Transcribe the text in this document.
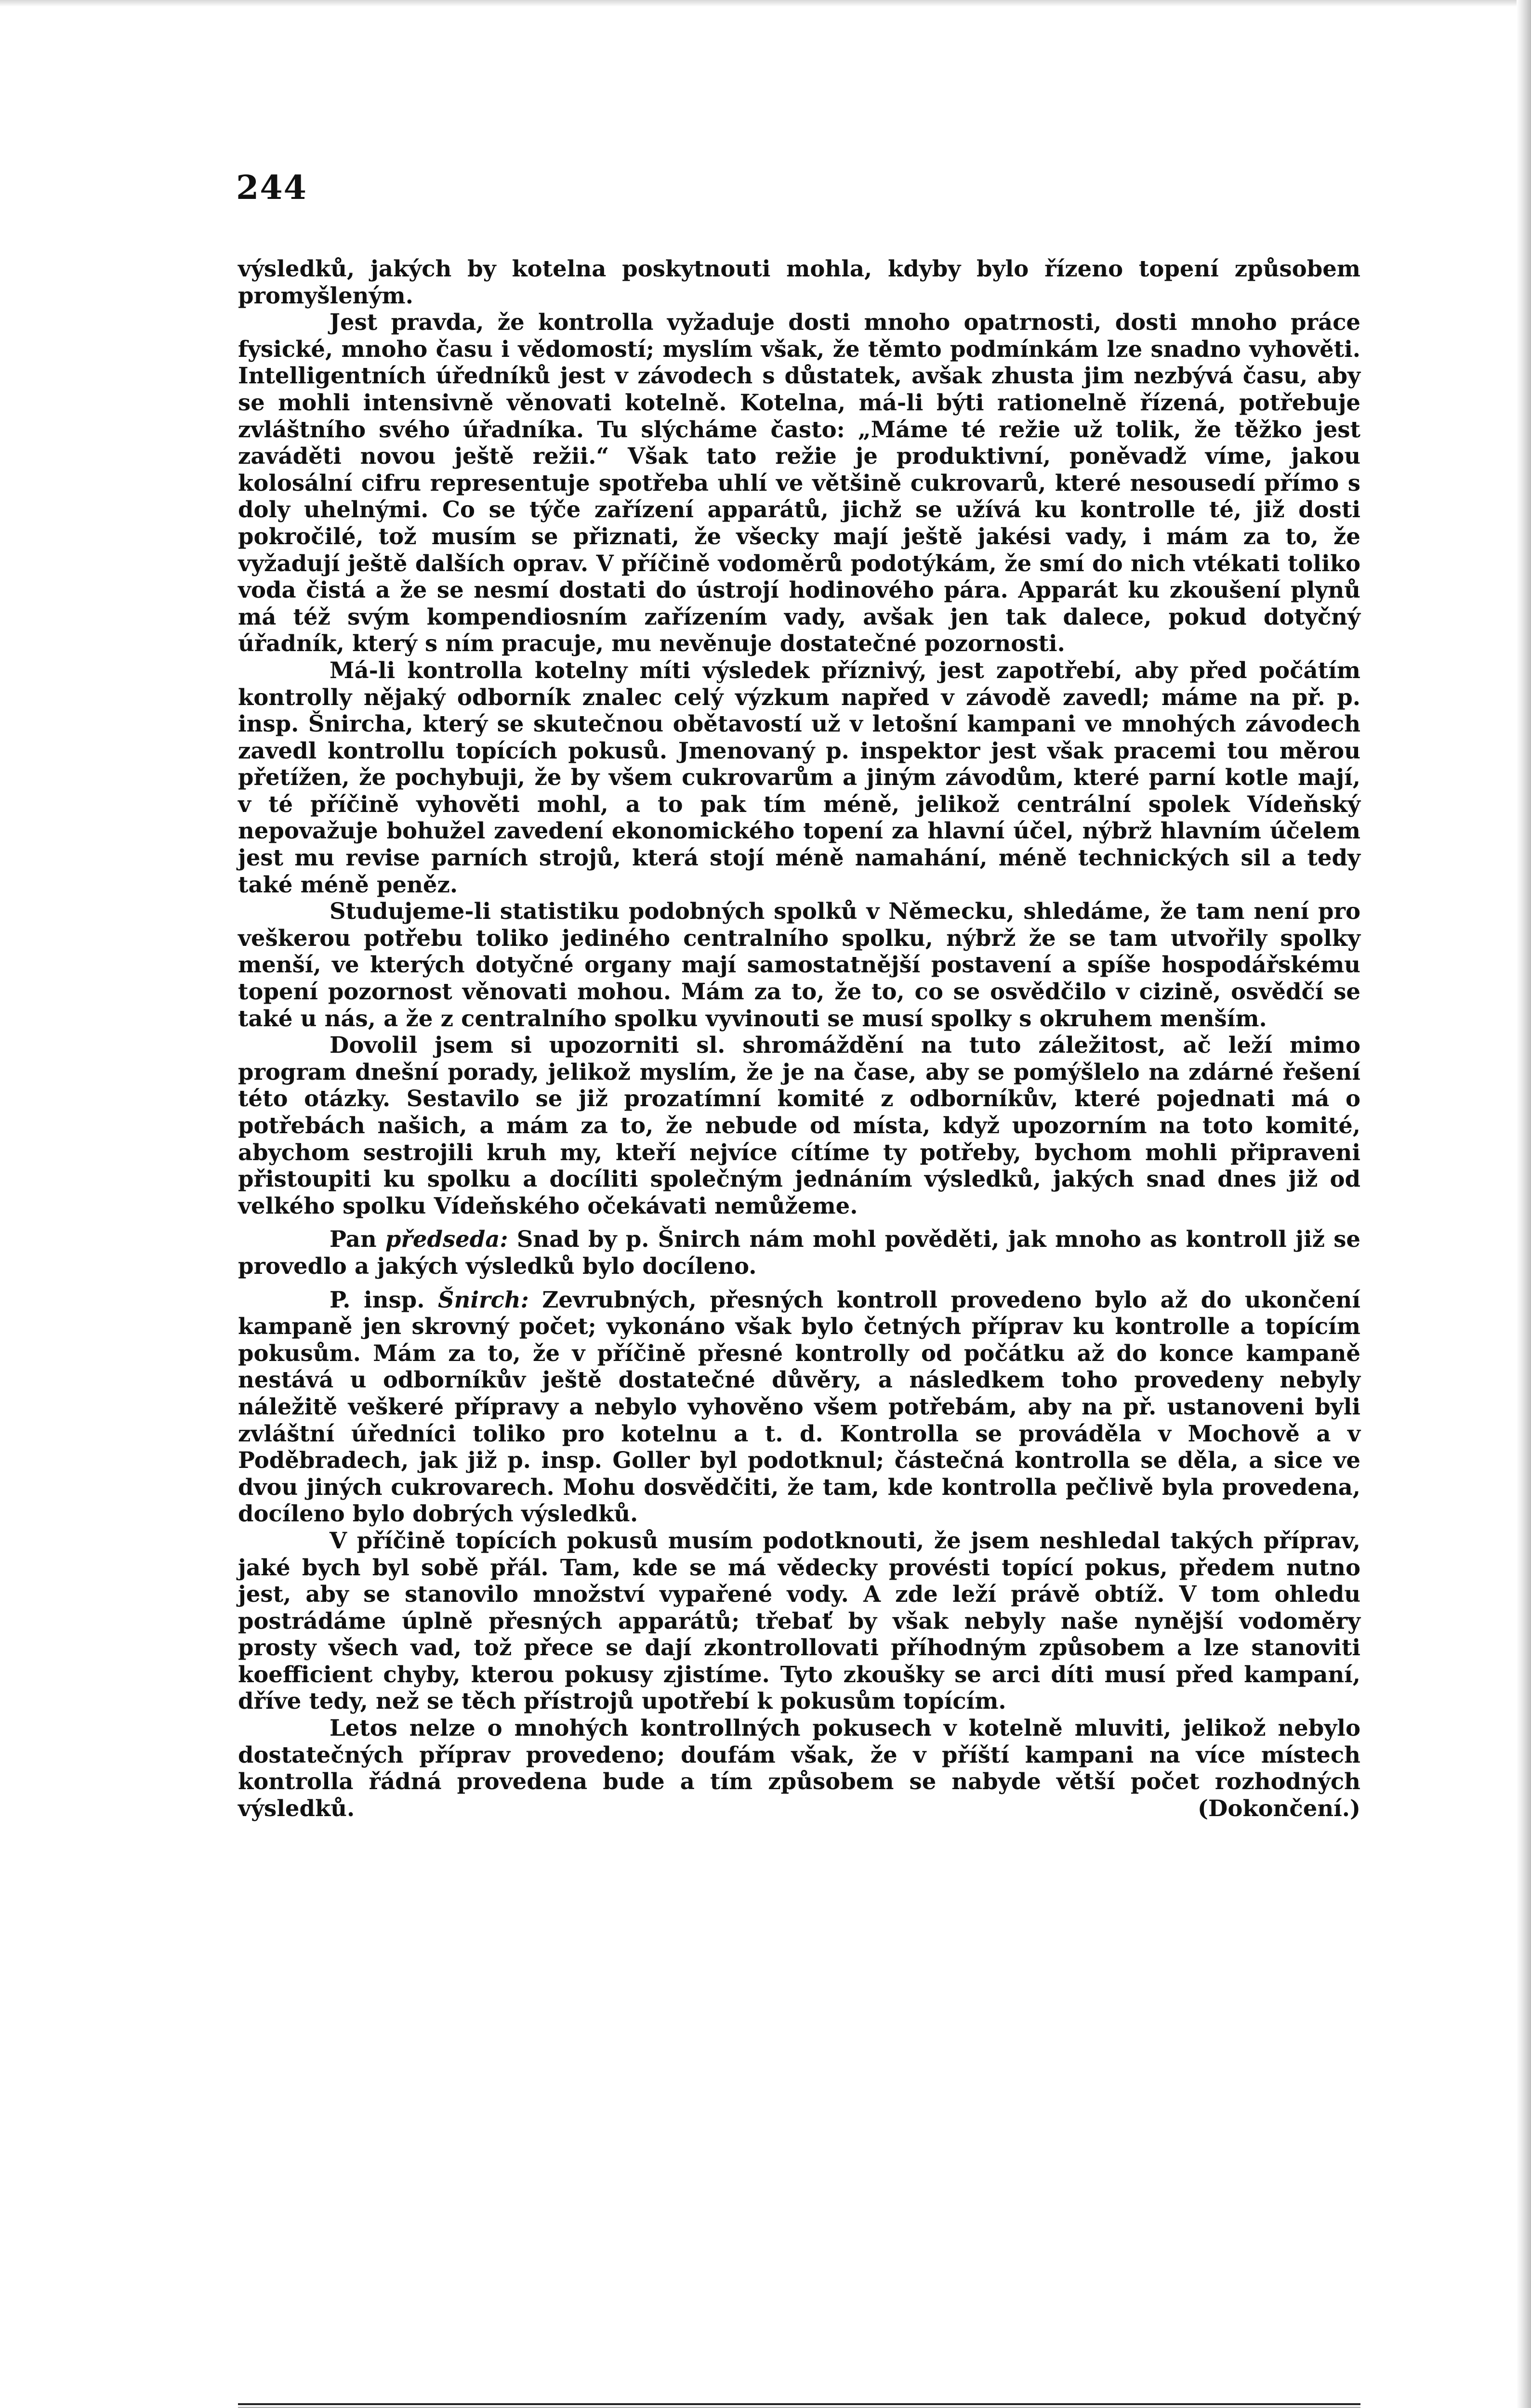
244

výsledků, jakých by kotelna poskytnouti mohla, kdyby bylo řízeno topení způsobem promyšleným.

Jest pravda, že kontrolla vyžaduje dosti mnoho opatrnosti, dosti mnoho práce fysické, mnoho času i vědomostí; myslím však, že těmto podmínkám lze snadno vyhověti. Intelligentních úředníků jest v závodech s důstatek, avšak zhusta jim nezbývá času, aby se mohli intensivně věnovati kotelně. Kotelna, má-li býti rationelně řízená, potřebuje zvláštního svého úřadníka. Tu slýcháme často: „Máme té režie už tolik, že těžko jest zaváděti novou ještě režii.“ Však tato režie je produktivní, poněvadž víme, jakou kolosální cifru representuje spotřeba uhlí ve většině cukrovarů, které nesousedí přímo s doly uhelnými. Co se týče zařízení apparátů, jichž se užívá ku kontrolle té, již dosti pokročilé, tož musím se přiznati, že všecky mají ještě jakési vady, i mám za to, že vyžadují ještě dalších oprav. V příčině vodoměrů podotýkám, že smí do nich vtékati toliko voda čistá a že se nesmí dostati do ústrojí hodinového pára. Apparát ku zkoušení plynů má též svým kompendiosním zařízením vady, avšak jen tak dalece, pokud dotyčný úřadník, který s ním pracuje, mu nevěnuje dostatečné pozornosti.

Má-li kontrolla kotelny míti výsledek příznivý, jest zapotřebí, aby před počátím kontrolly nějaký odborník znalec celý výzkum napřed v závodě zavedl; máme na př. p. insp. Šnircha, který se skutečnou obětavostí už v letošní kampani ve mnohých závodech zavedl kontrollu topících pokusů. Jmenovaný p. inspektor jest však pracemi tou měrou přetížen, že pochybuji, že by všem cukrovarům a jiným závodům, které parní kotle mají, v té příčině vyhověti mohl, a to pak tím méně, jelikož centrální spolek Vídeňský nepovažuje bohužel zavedení ekonomického topení za hlavní účel, nýbrž hlavním účelem jest mu revise parních strojů, která stojí méně namahání, méně technických sil a tedy také méně peněz.

Studujeme-li statistiku podobných spolků v Německu, shledáme, že tam není pro veškerou potřebu toliko jediného centralního spolku, nýbrž že se tam utvořily spolky menší, ve kterých dotyčné organy mají samostatnější postavení a spíše hospodářskému topení pozornost věnovati mohou. Mám za to, že to, co se osvědčilo v cizině, osvědčí se také u nás, a že z centralního spolku vyvinouti se musí spolky s okruhem menším.

Dovolil jsem si upozorniti sl. shromáždění na tuto záležitost, ač leží mimo program dnešní porady, jelikož myslím, že je na čase, aby se pomýšlelo na zdárné řešení této otázky. Sestavilo se již prozatímní komité z odborníkův, které pojednati má o potřebách našich, a mám za to, že nebude od místa, když upozorním na toto komité, abychom sestrojili kruh my, kteří nejvíce cítíme ty potřeby, bychom mohli připraveni přistoupiti ku spolku a docíliti společným jednáním výsledků, jakých snad dnes již od velkého spolku Vídeňského očekávati nemůžeme.

Pan předseda: Snad by p. Šnirch nám mohl pověděti, jak mnoho as kontroll již se provedlo a jakých výsledků bylo docíleno.

P. insp. Šnirch: Zevrubných, přesných kontroll provedeno bylo až do ukončení kampaně jen skrovný počet; vykonáno však bylo četných příprav ku kontrolle a topícím pokusům. Mám za to, že v příčině přesné kontrolly od počátku až do konce kampaně nestává u odborníkův ještě dostatečné důvěry, a následkem toho provedeny nebyly náležitě veškeré přípravy a nebylo vyhověno všem potřebám, aby na př. ustanoveni byli zvláštní úředníci toliko pro kotelnu a t. d. Kontrolla se prováděla v Mochově a v Poděbradech, jak již p. insp. Goller byl podotknul; částečná kontrolla se děla, a sice ve dvou jiných cukrovarech. Mohu dosvědčiti, že tam, kde kontrolla pečlivě byla provedena, docíleno bylo dobrých výsledků.

V příčině topících pokusů musím podotknouti, že jsem neshledal takých příprav, jaké bych byl sobě přál. Tam, kde se má vědecky provésti topící pokus, předem nutno jest, aby se stanovilo množství vypařené vody. A zde leží právě obtíž. V tom ohledu postrádáme úplně přesných apparátů; třebať by však nebyly naše nynější vodoměry prosty všech vad, tož přece se dají zkontrollovati příhodným způsobem a lze stanoviti koefficient chyby, kterou pokusy zjistíme. Tyto zkoušky se arci díti musí před kampaní, dříve tedy, než se těch přístrojů upotřebí k pokusům topícím.

Letos nelze o mnohých kontrollných pokusech v kotelně mluviti, jelikož nebylo dostatečných příprav provedeno; doufám však, že v příští kampani na více místech kontrolla řádná provedena bude a tím způsobem se nabyde větší počet rozhodných výsledků.	(Dokončení.)
